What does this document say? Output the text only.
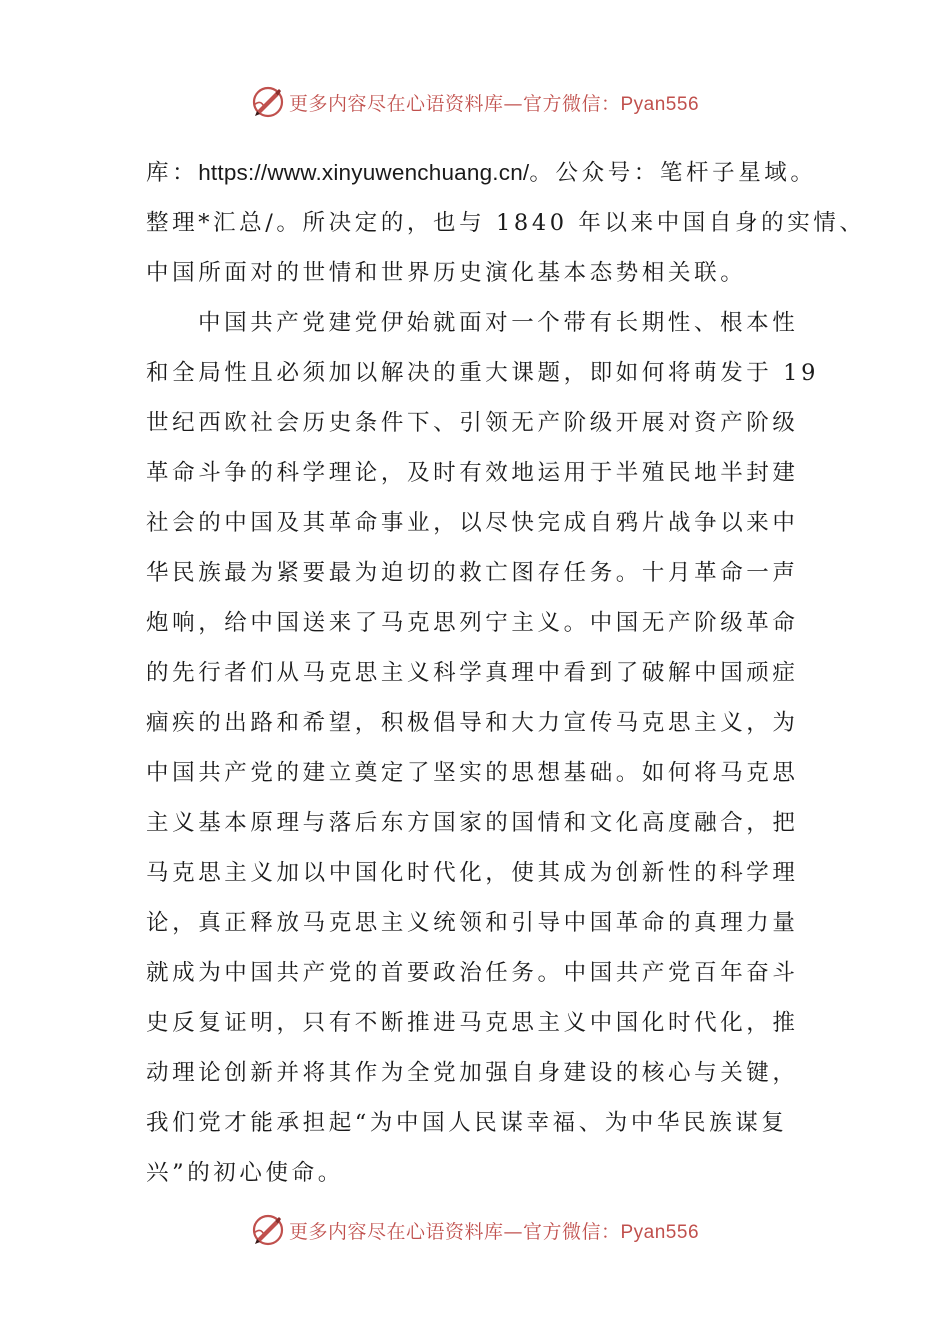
更多内容尽在心语资料库—官方微信：Pyan556
库：https://www.xinyuwenchuang.cn/。公众号：笔杆子星域。
整理*汇总/。所决定的，也与 1840 年以来中国自身的实情、
中国所面对的世情和世界历史演化基本态势相关联。
中国共产党建党伊始就面对一个带有长期性、根本性
和全局性且必须加以解决的重大课题，即如何将萌发于 19
世纪西欧社会历史条件下、引领无产阶级开展对资产阶级
革命斗争的科学理论，及时有效地运用于半殖民地半封建
社会的中国及其革命事业，以尽快完成自鸦片战争以来中
华民族最为紧要最为迫切的救亡图存任务。十月革命一声
炮响，给中国送来了马克思列宁主义。中国无产阶级革命
的先行者们从马克思主义科学真理中看到了破解中国顽症
痼疾的出路和希望，积极倡导和大力宣传马克思主义，为
中国共产党的建立奠定了坚实的思想基础。如何将马克思
主义基本原理与落后东方国家的国情和文化高度融合，把
马克思主义加以中国化时代化，使其成为创新性的科学理
论，真正释放马克思主义统领和引导中国革命的真理力量
就成为中国共产党的首要政治任务。中国共产党百年奋斗
史反复证明，只有不断推进马克思主义中国化时代化，推
动理论创新并将其作为全党加强自身建设的核心与关键，
我们党才能承担起“为中国人民谋幸福、为中华民族谋复
兴”的初心使命。
更多内容尽在心语资料库—官方微信：Pyan556
